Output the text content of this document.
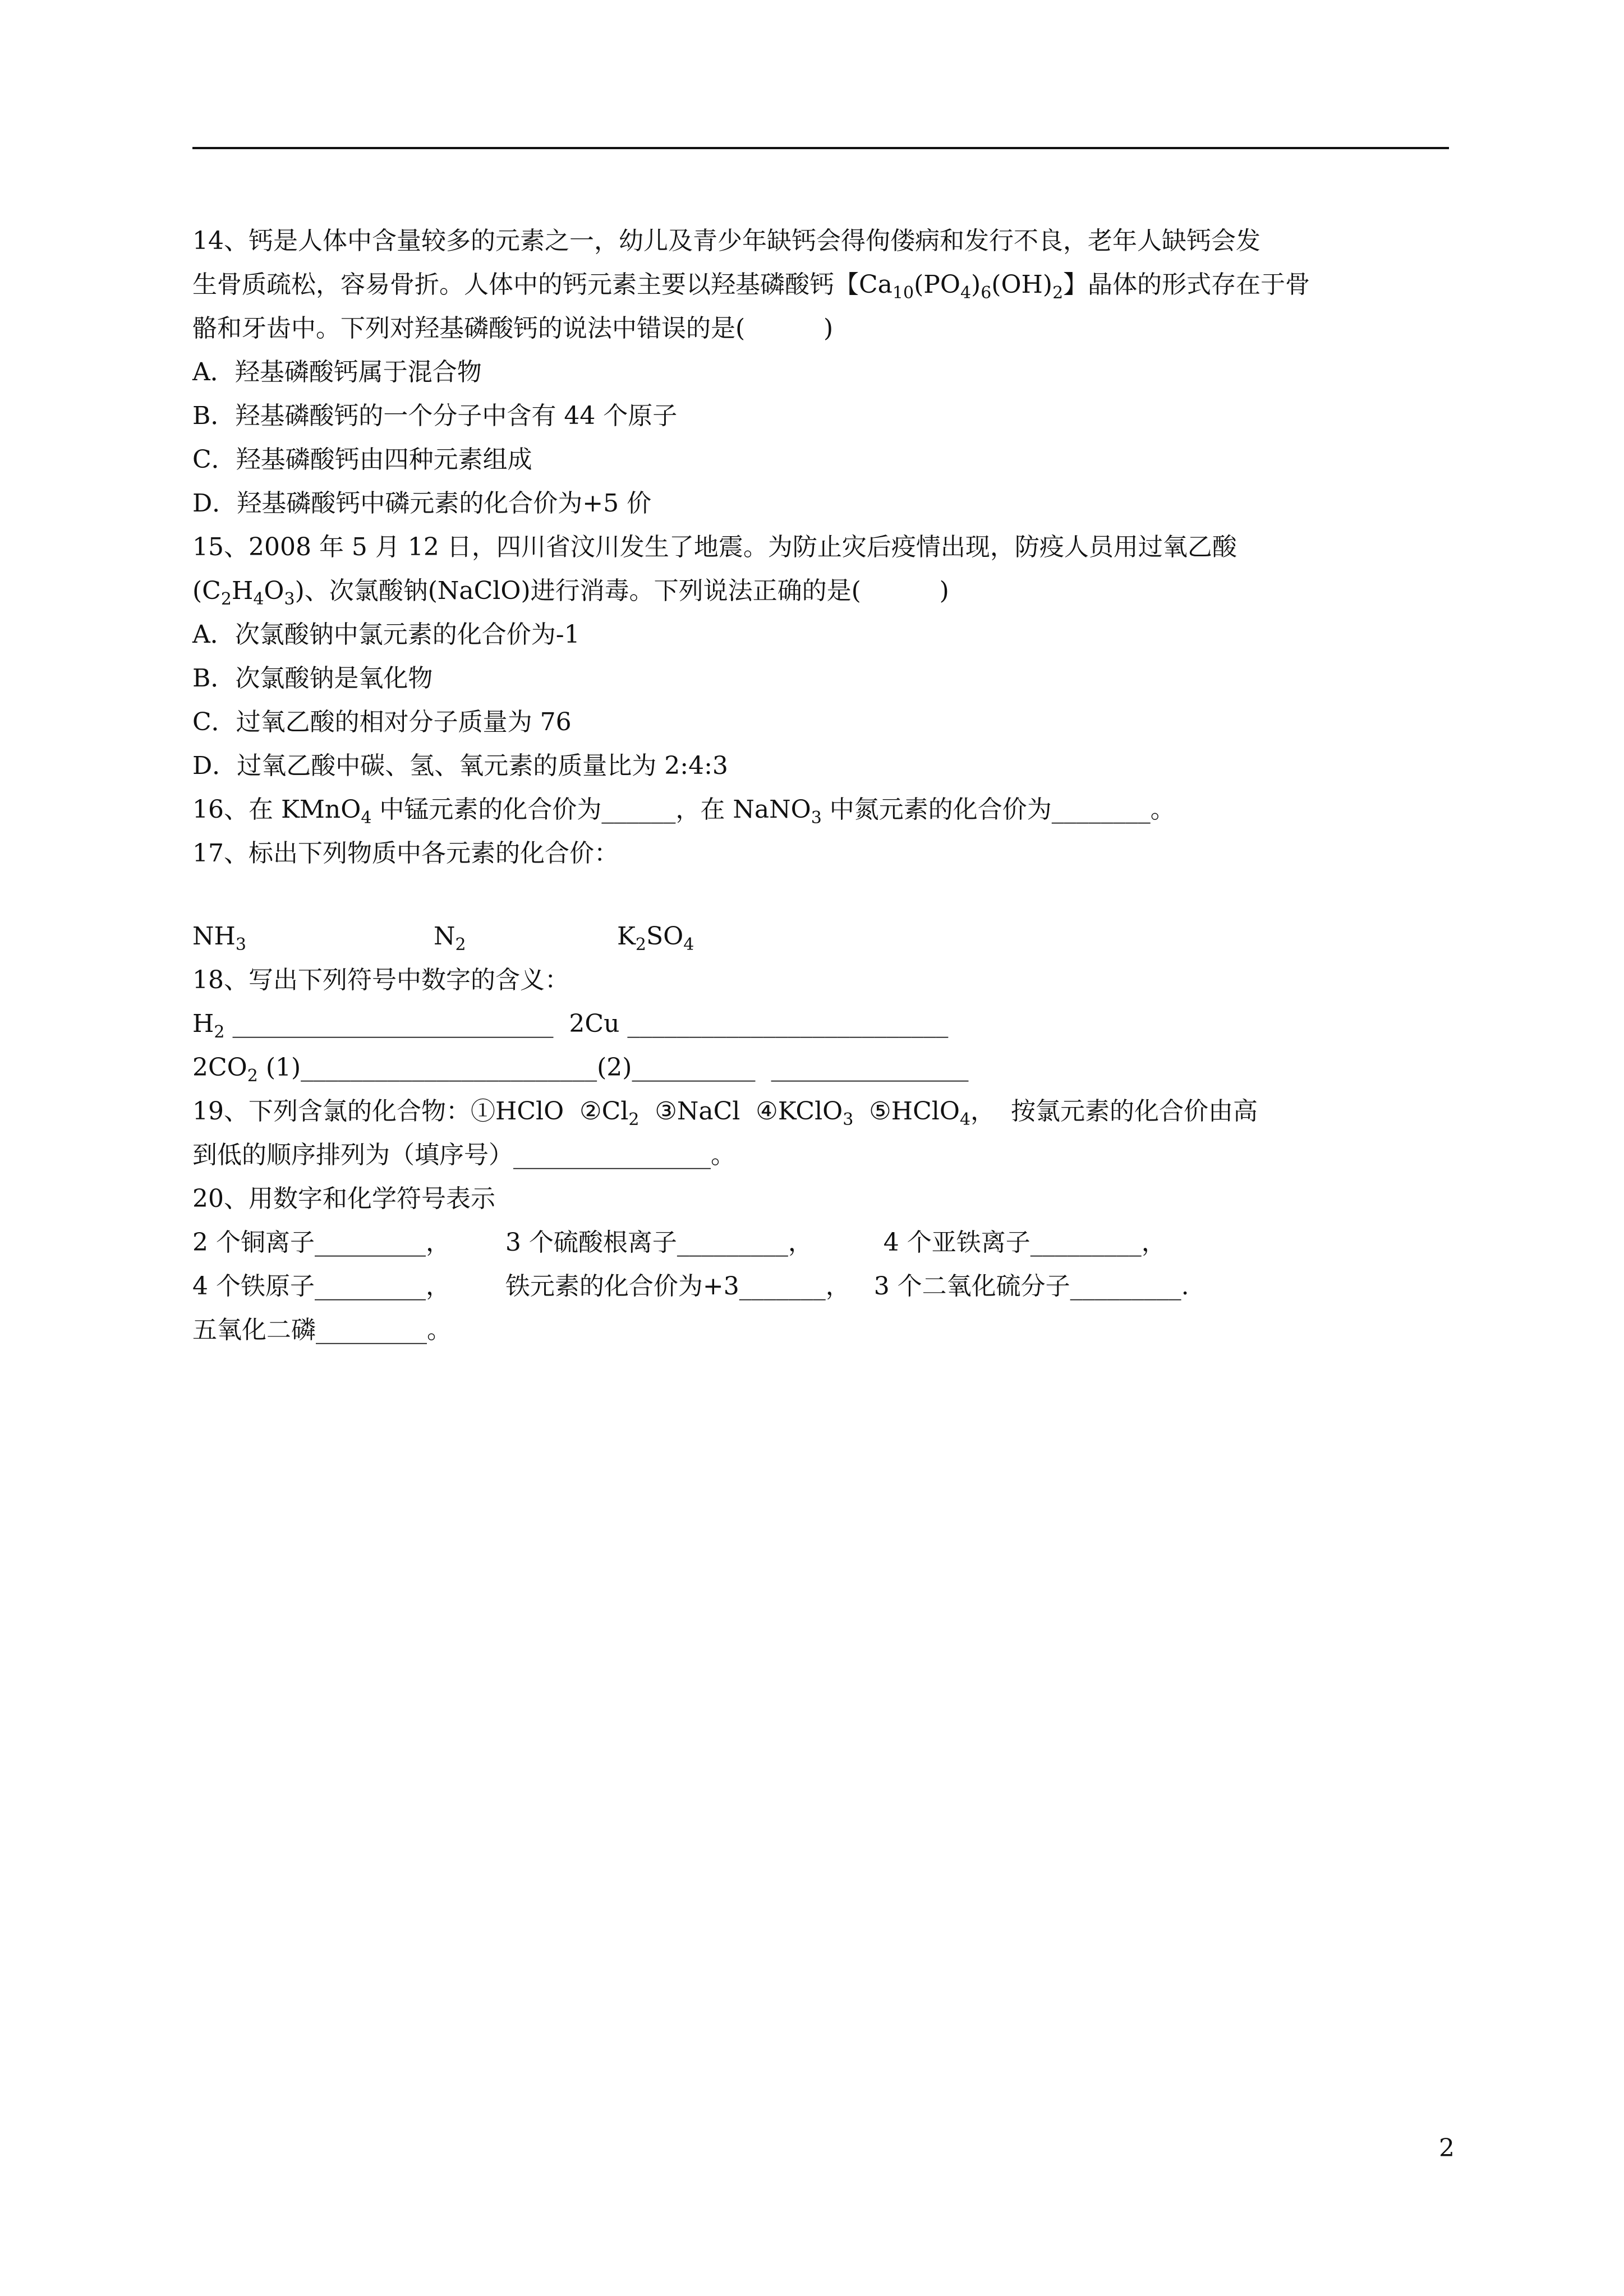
14、钙是人体中含量较多的元素之一，幼儿及青少年缺钙会得佝偻病和发行不良，老年人缺钙会发
生骨质疏松，容易骨折。人体中的钙元素主要以羟基磷酸钙【$Ca_{10}(PO_4)_6(OH)_2$】晶体的形式存在于骨
骼和牙齿中。下列对羟基磷酸钙的说法中错误的是(          )
A．羟基磷酸钙属于混合物
B．羟基磷酸钙的一个分子中含有 44 个原子
C．羟基磷酸钙由四种元素组成
D．羟基磷酸钙中磷元素的化合价为+5 价
15、2008 年 5 月 12 日，四川省汶川发生了地震。为防止灾后疫情出现，防疫人员用过氧乙酸
$(C_2H_4O_3)$、次氯酸钠(NaClO)进行消毒。下列说法正确的是(          )
A．次氯酸钠中氯元素的化合价为-1
B．次氯酸钠是氧化物
C．过氧乙酸的相对分子质量为 76
D．过氧乙酸中碳、氢、氧元素的质量比为 2:4:3
16、在 KMnO$_4$ 中锰元素的化合价为______，在 NaNO$_3$ 中氮元素的化合价为________。
17、标出下列物质中各元素的化合价：
$NH_3$	$N_2$	$K_2SO_4$
18、写出下列符号中数字的含义：
$H_2$ __________________________  2Cu __________________________
$2CO_2$ (1)________________________(2)__________  ________________
19、下列含氯的化合物：①HClO  $②Cl_2$  ③NaCl  ④KClO$_3$  ⑤HClO$_4$，  按氯元素的化合价由高
到低的顺序排列为（填序号）________________。
20、用数字和化学符号表示
2 个铜离子_________，       3 个硫酸根离子_________，         4 个亚铁离子_________，
4 个铁原子_________，       铁元素的化合价为+3_______，   3 个二氧化硫分子_________.
五氧化二磷_________。
2
